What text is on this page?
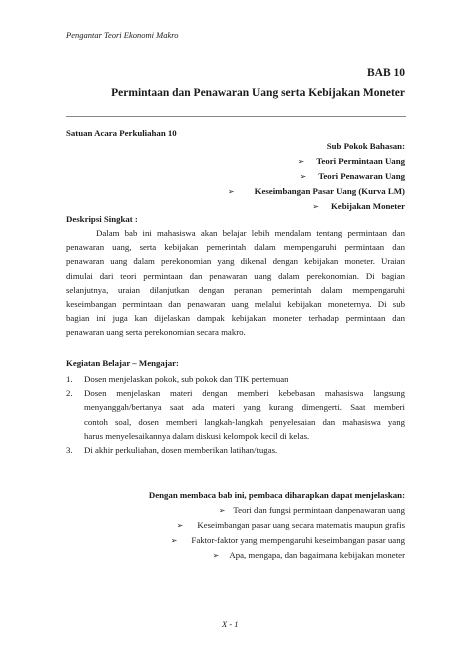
Pengantar Teori Ekonomi Makro
BAB 10
Permintaan dan Penawaran Uang serta Kebijakan Moneter
Satuan Acara Perkuliahan 10
Sub Pokok Bahasan:
➢ Teori Permintaan Uang
➢ Teori Penawaran Uang
➢ Keseimbangan Pasar Uang (Kurva LM)
➢ Kebijakan Moneter
Deskripsi Singkat :
Dalam bab ini mahasiswa akan belajar lebih mendalam tentang permintaan dan
penawaran uang, serta kebijakan pemerintah dalam mempengaruhi permintaan dan
penawaran uang dalam perekonomian yang dikenal dengan kebijakan moneter. Uraian
dimulai dari teori permintaan dan penawaran uang dalam perekonomian. Di bagian
selanjutnya, uraian dilanjutkan dengan peranan pemerintah dalam mempengaruhi
keseimbangan permintaan dan penawaran uang melalui kebijakan moneternya. Di sub
bagian ini juga kan dijelaskan dampak kebijakan moneter terhadap permintaan dan
penawaran uang serta perekonomian secara makro.
Kegiatan Belajar – Mengajar:
1. Dosen menjelaskan pokok, sub pokok dan TIK pertemuan
2. Dosen menjelaskan materi dengan memberi kebebasan mahasiswa langsung
menyanggah/bertanya saat ada materi yang kurang dimengerti. Saat memberi
contoh soal, dosen memberi langkah-langkah penyelesaian dan mahasiswa yang
harus menyelesaikannya dalam diskusi kelompok kecil di kelas.
3. Di akhir perkuliahan, dosen memberikan latihan/tugas.
Dengan membaca bab ini, pembaca diharapkan dapat menjelaskan:
➢ Teori dan fungsi permintaan danpenawaran uang
➢ Keseimbangan pasar uang secara matematis maupun grafis
➢ Faktor-faktor yang mempengaruhi keseimbangan pasar uang
➢ Apa, mengapa, dan bagaimana kebijakan moneter
X - 1
